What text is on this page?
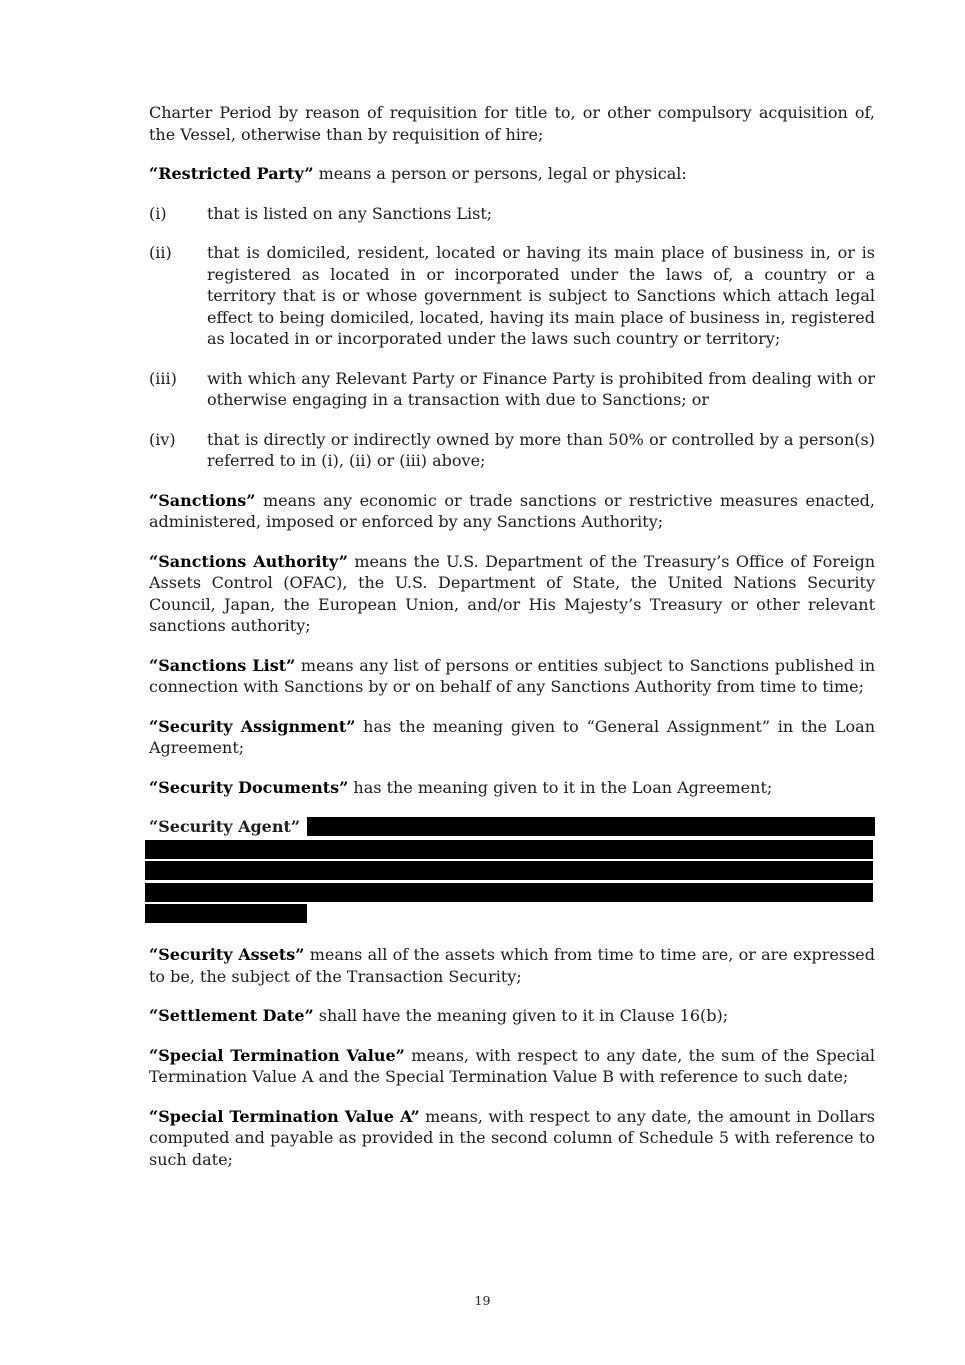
Charter Period by reason of requisition for title to, or other compulsory acquisition of, the Vessel, otherwise than by requisition of hire;

“Restricted Party” means a person or persons, legal or physical:

(i)	that is listed on any Sanctions List;

(ii) that is domiciled, resident, located or having its main place of business in, or is registered as located in or incorporated under the laws of, a country or a territory that is or whose government is subject to Sanctions which attach legal effect to being domiciled, located, having its main place of business in, registered as located in or incorporated under the laws such country or territory;

(iii) with which any Relevant Party or Finance Party is prohibited from dealing with or otherwise engaging in a transaction with due to Sanctions; or

(iv) that is directly or indirectly owned by more than 50% or controlled by a person(s) referred to in (i), (ii) or (iii) above;

“Sanctions” means any economic or trade sanctions or restrictive measures enacted, administered, imposed or enforced by any Sanctions Authority;

“Sanctions Authority” means the U.S. Department of the Treasury’s Office of Foreign Assets Control (OFAC), the U.S. Department of State, the United Nations Security Council, Japan, the European Union, and/or His Majesty’s Treasury or other relevant sanctions authority;

“Sanctions List” means any list of persons or entities subject to Sanctions published in connection with Sanctions by or on behalf of any Sanctions Authority from time to time;

“Security Assignment” has the meaning given to “General Assignment” in the Loan Agreement;

“Security Documents” has the meaning given to it in the Loan Agreement;

“Security Agent”

“Security Assets” means all of the assets which from time to time are, or are expressed to be, the subject of the Transaction Security;

“Settlement Date” shall have the meaning given to it in Clause 16(b);

“Special Termination Value” means, with respect to any date, the sum of the Special Termination Value A and the Special Termination Value B with reference to such date;

“Special Termination Value A” means, with respect to any date, the amount in Dollars computed and payable as provided in the second column of Schedule 5 with reference to such date;

19
